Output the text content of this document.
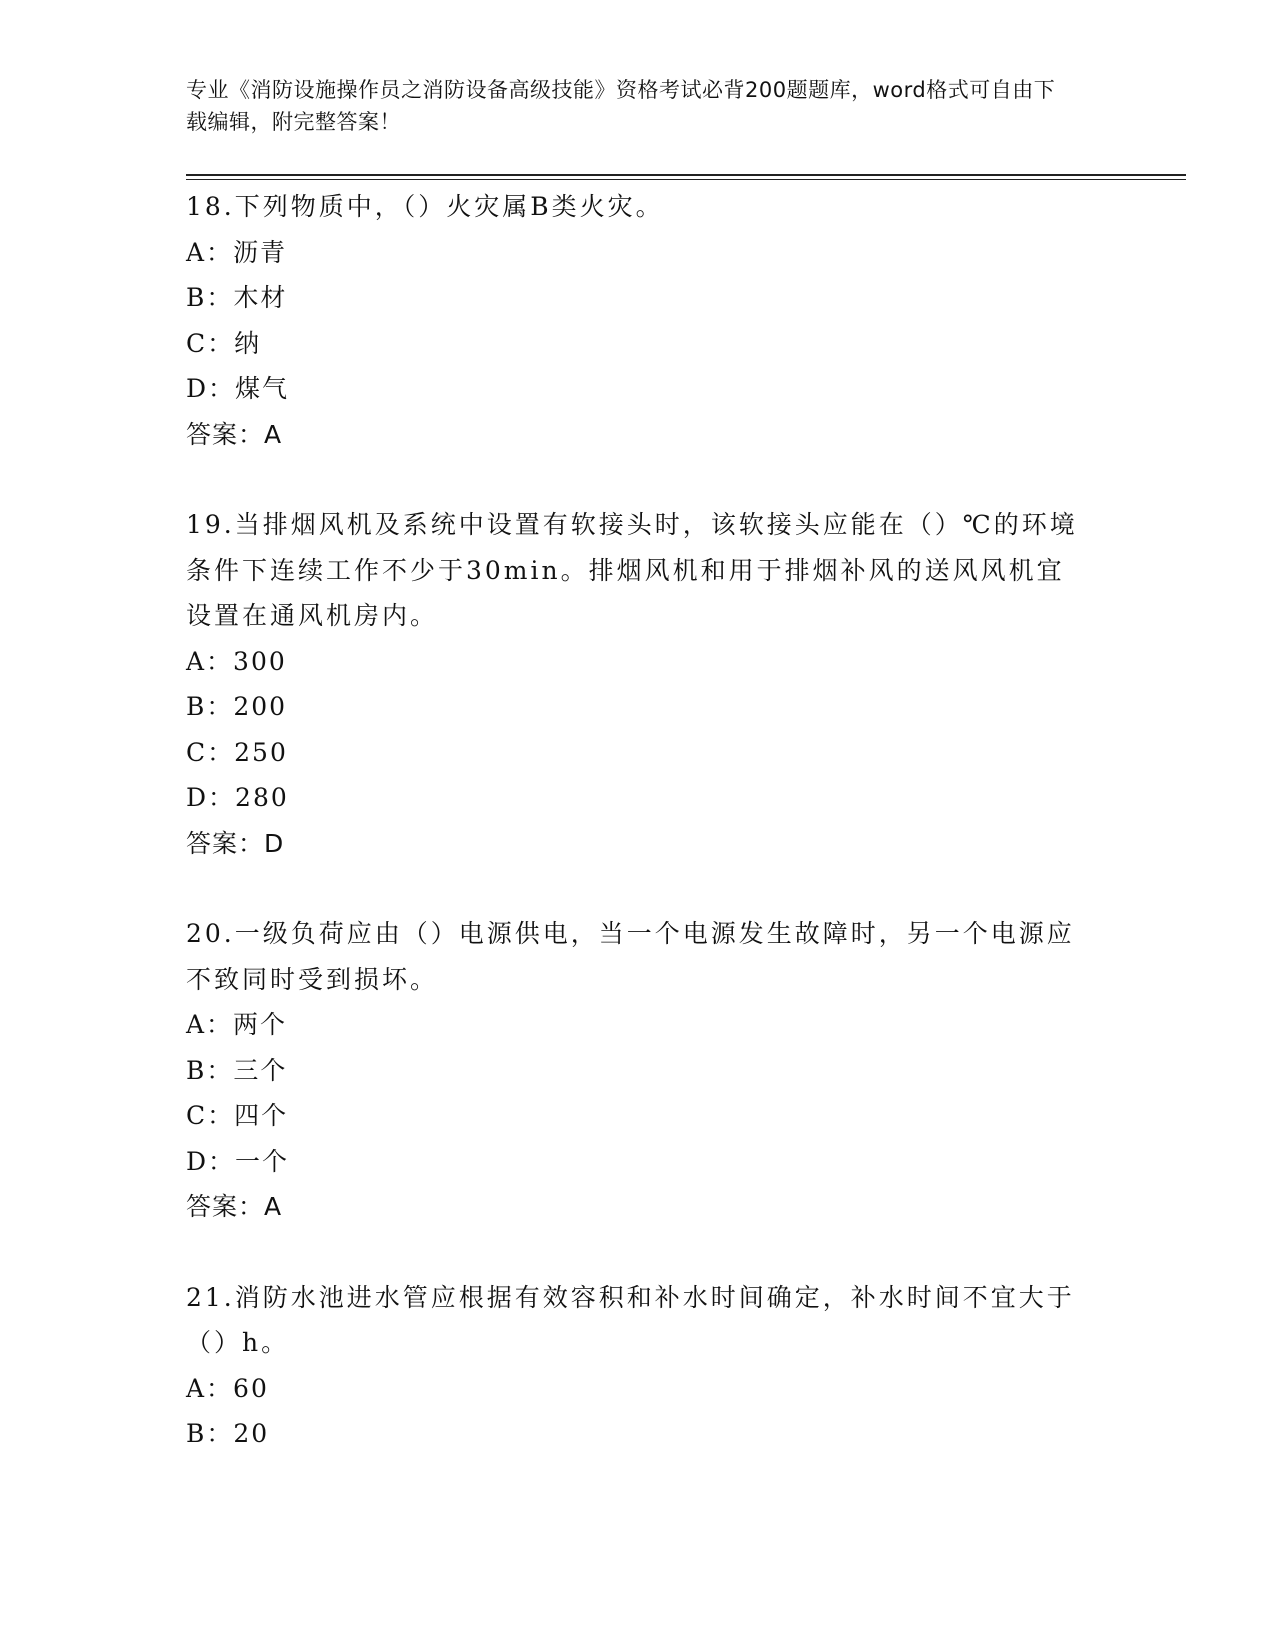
专业《消防设施操作员之消防设备高级技能》资格考试必背200题题库，word格式可自由下载编辑，附完整答案！

18.下列物质中，（）火灾属B类火灾。

A：沥青

B：木材

C：纳

D：煤气

答案：A

19.当排烟风机及系统中设置有软接头时，该软接头应能在（）℃的环境条件下连续工作不少于30min。排烟风机和用于排烟补风的送风风机宜设置在通风机房内。

A：300

B：200

C：250

D：280

答案：D

20.一级负荷应由（）电源供电，当一个电源发生故障时，另一个电源应不致同时受到损坏。

A：两个

B：三个

C：四个

D：一个

答案：A

21.消防水池进水管应根据有效容积和补水时间确定，补水时间不宜大于（）h。

A：60

B：20
